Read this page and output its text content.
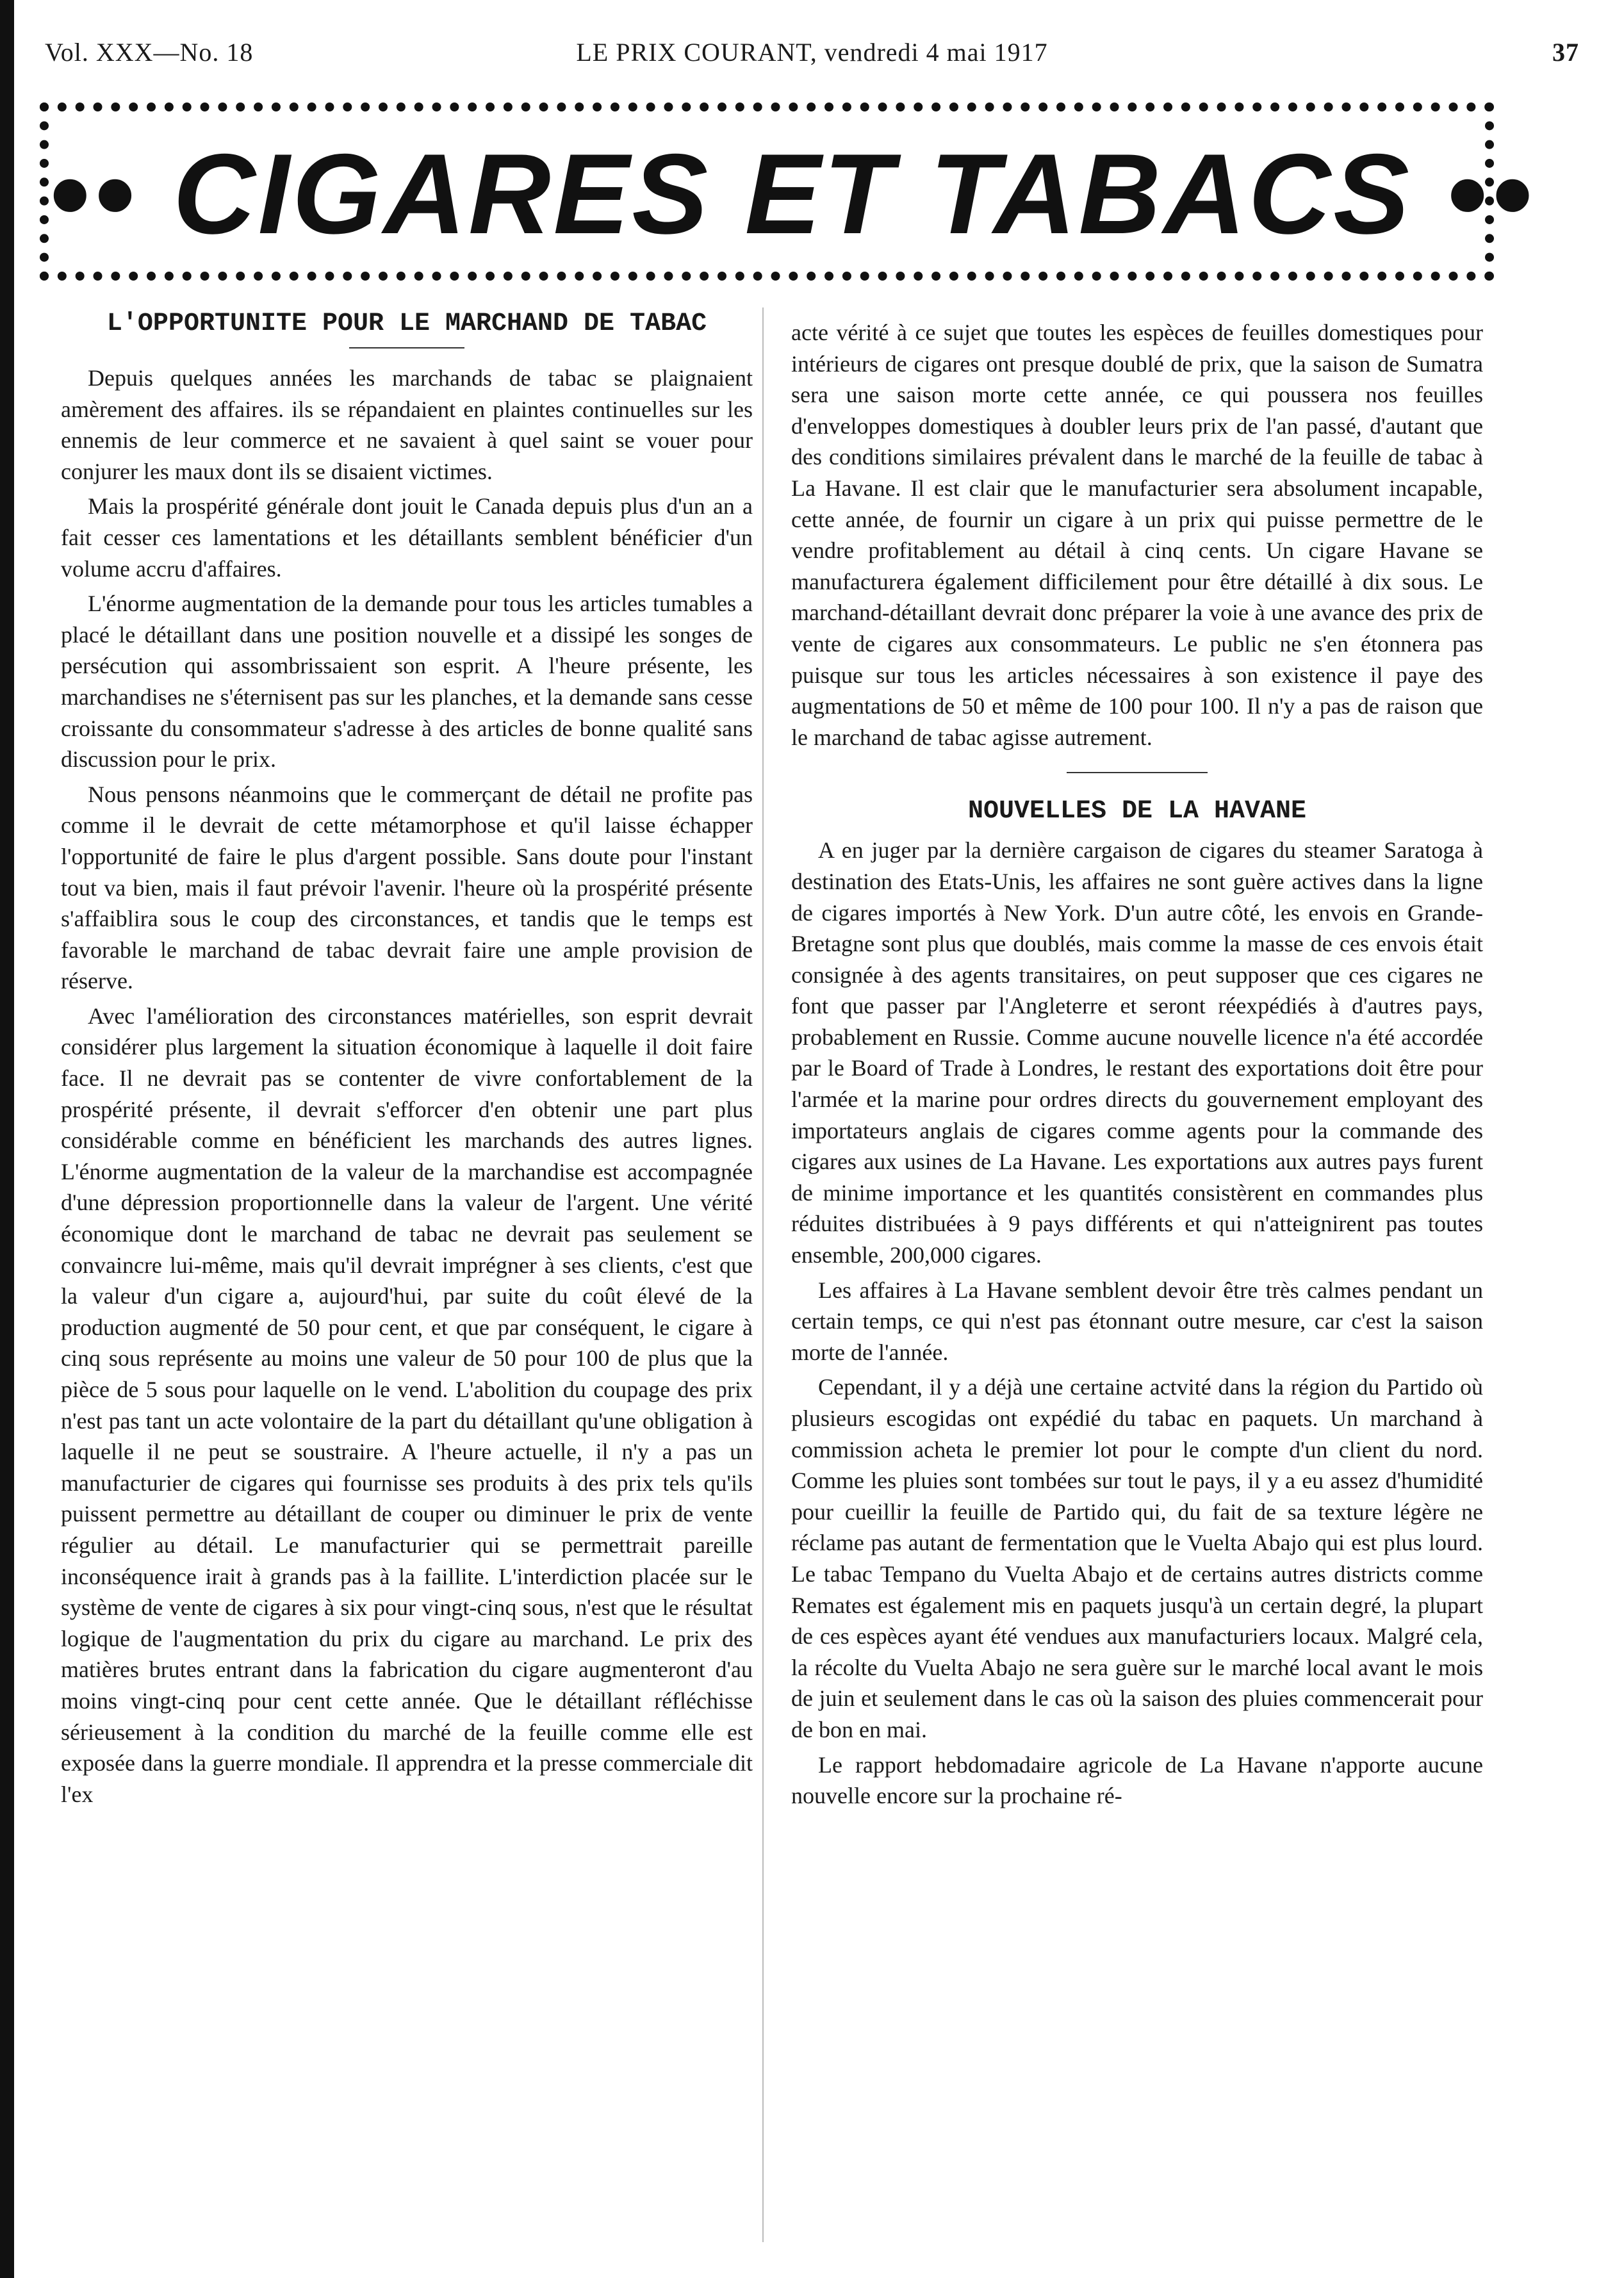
Vol. XXX—No. 18	LE PRIX COURANT, vendredi 4 mai 1917	37
•• CIGARES ET TABACS ••
L'OPPORTUNITE POUR LE MARCHAND DE TABAC

Depuis quelques années les marchands de tabac se plaignaient amèrement des affaires. ils se répandaient en plaintes continuelles sur les ennemis de leur commerce et ne savaient à quel saint se vouer pour conjurer les maux dont ils se disaient victimes.

Mais la prospérité générale dont jouit le Canada depuis plus d'un an a fait cesser ces lamentations et les détaillants semblent bénéficier d'un volume accru d'affaires.

L'énorme augmentation de la demande pour tous les articles tumables a placé le détaillant dans une position nouvelle et a dissipé les songes de persécution qui assombrissaient son esprit. A l'heure présente, les marchandises ne s'éternisent pas sur les planches, et la demande sans cesse croissante du consommateur s'adresse à des articles de bonne qualité sans discussion pour le prix.

Nous pensons néanmoins que le commerçant de détail ne profite pas comme il le devrait de cette métamorphose et qu'il laisse échapper l'opportunité de faire le plus d'argent possible. Sans doute pour l'instant tout va bien, mais il faut prévoir l'avenir. l'heure où la prospérité présente s'affaiblira sous le coup des circonstances, et tandis que le temps est favorable le marchand de tabac devrait faire une ample provision de réserve.

Avec l'amélioration des circonstances matérielles, son esprit devrait considérer plus largement la situation économique à laquelle il doit faire face. Il ne devrait pas se contenter de vivre confortablement de la prospérité présente, il devrait s'efforcer d'en obtenir une part plus considérable comme en bénéficient les marchands des autres lignes. L'énorme augmentation de la valeur de la marchandise est accompagnée d'une dépression proportionnelle dans la valeur de l'argent. Une vérité économique dont le marchand de tabac ne devrait pas seulement se convaincre lui-même, mais qu'il devrait imprégner à ses clients, c'est que la valeur d'un cigare a, aujourd'hui, par suite du coût élevé de la production augmenté de 50 pour cent, et que par conséquent, le cigare à cinq sous représente au moins une valeur de 50 pour 100 de plus que la pièce de 5 sous pour laquelle on le vend. L'abolition du coupage des prix n'est pas tant un acte volontaire de la part du détaillant qu'une obligation à laquelle il ne peut se soustraire. A l'heure actuelle, il n'y a pas un manufacturier de cigares qui fournisse ses produits à des prix tels qu'ils puissent permettre au détaillant de couper ou diminuer le prix de vente régulier au détail. Le manufacturier qui se permettrait pareille inconséquence irait à grands pas à la faillite. L'interdiction placée sur le système de vente de cigares à six pour vingt-cinq sous, n'est que le résultat logique de l'augmentation du prix du cigare au marchand. Le prix des matières brutes entrant dans la fabrication du cigare augmenteront d'au moins vingt-cinq pour cent cette année. Que le détaillant réfléchisse sérieusement à la condition du marché de la feuille comme elle est exposée dans la guerre mondiale. Il apprendra et la presse commerciale dit l'ex

acte vérité à ce sujet que toutes les espèces de feuilles domestiques pour intérieurs de cigares ont presque doublé de prix, que la saison de Sumatra sera une saison morte cette année, ce qui poussera nos feuilles d'enveloppes domestiques à doubler leurs prix de l'an passé, d'autant que des conditions similaires prévalent dans le marché de la feuille de tabac à La Havane. Il est clair que le manufacturier sera absolument incapable, cette année, de fournir un cigare à un prix qui puisse permettre de le vendre profitablement au détail à cinq cents. Un cigare Havane se manufacturera également difficilement pour être détaillé à dix sous. Le marchand-détaillant devrait donc préparer la voie à une avance des prix de vente de cigares aux consommateurs. Le public ne s'en étonnera pas puisque sur tous les articles nécessaires à son existence il paye des augmentations de 50 et même de 100 pour 100. Il n'y a pas de raison que le marchand de tabac agisse autrement.

NOUVELLES DE LA HAVANE

A en juger par la dernière cargaison de cigares du steamer Saratoga à destination des Etats-Unis, les affaires ne sont guère actives dans la ligne de cigares importés à New York. D'un autre côté, les envois en Grande-Bretagne sont plus que doublés, mais comme la masse de ces envois était consignée à des agents transitaires, on peut supposer que ces cigares ne font que passer par l'Angleterre et seront réexpédiés à d'autres pays, probablement en Russie. Comme aucune nouvelle licence n'a été accordée par le Board of Trade à Londres, le restant des exportations doit être pour l'armée et la marine pour ordres directs du gouvernement employant des importateurs anglais de cigares comme agents pour la commande des cigares aux usines de La Havane. Les exportations aux autres pays furent de minime importance et les quantités consistèrent en commandes plus réduites distribuées à 9 pays différents et qui n'atteignirent pas toutes ensemble, 200,000 cigares.

Les affaires à La Havane semblent devoir être très calmes pendant un certain temps, ce qui n'est pas étonnant outre mesure, car c'est la saison morte de l'année.

Cependant, il y a déjà une certaine actvité dans la région du Partido où plusieurs escogidas ont expédié du tabac en paquets. Un marchand à commission acheta le premier lot pour le compte d'un client du nord. Comme les pluies sont tombées sur tout le pays, il y a eu assez d'humidité pour cueillir la feuille de Partido qui, du fait de sa texture légère ne réclame pas autant de fermentation que le Vuelta Abajo qui est plus lourd. Le tabac Tempano du Vuelta Abajo et de certains autres districts comme Remates est également mis en paquets jusqu'à un certain degré, la plupart de ces espèces ayant été vendues aux manufacturiers locaux. Malgré cela, la récolte du Vuelta Abajo ne sera guère sur le marché local avant le mois de juin et seulement dans le cas où la saison des pluies commencerait pour de bon en mai.

Le rapport hebdomadaire agricole de La Havane n'apporte aucune nouvelle encore sur la prochaine ré-
